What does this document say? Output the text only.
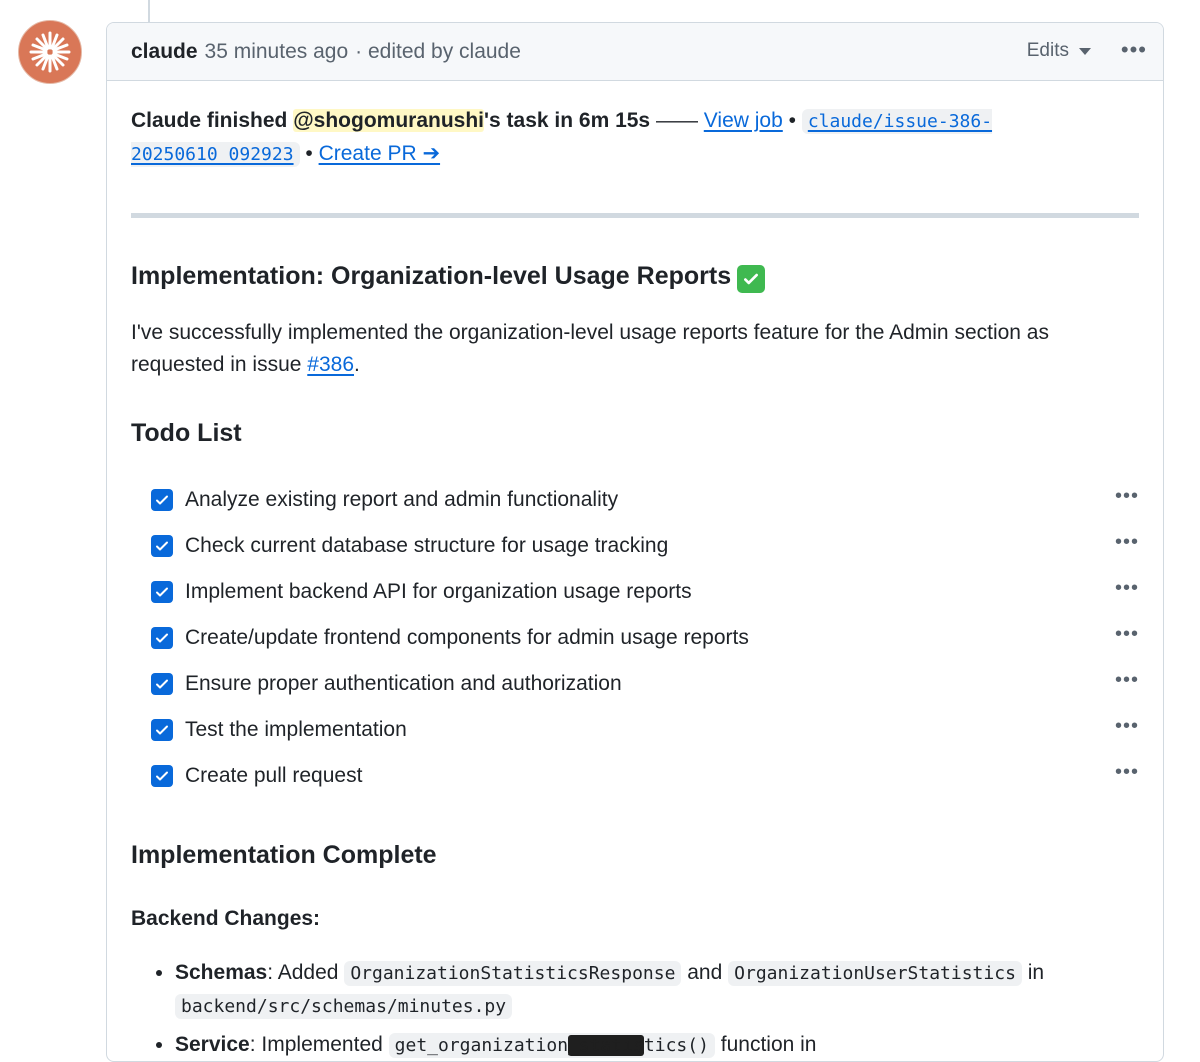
claude 35 minutes ago · edited by claude	Edits •••
Claude finished @shogomuranushi's task in 6m 15s —— View job • claude/issue-386-20250610_092923 • Create PR ➔
Implementation: Organization-level Usage Reports

I've successfully implemented the organization-level usage reports feature for the Admin section as requested in issue #386.

Todo List
Analyze existing report and admin functionality	•••
Check current database structure for usage tracking	•••
Implement backend API for organization usage reports	•••
Create/update frontend components for admin usage reports	•••
Ensure proper authentication and authorization	•••
Test the implementation	•••
Create pull request	•••
Implementation Complete
Backend Changes:
• Schemas: Added OrganizationStatisticsResponse and OrganizationUserStatistics in
backend/src/schemas/minutes.py
• Service: Implemented get_organization_statistics() function in
